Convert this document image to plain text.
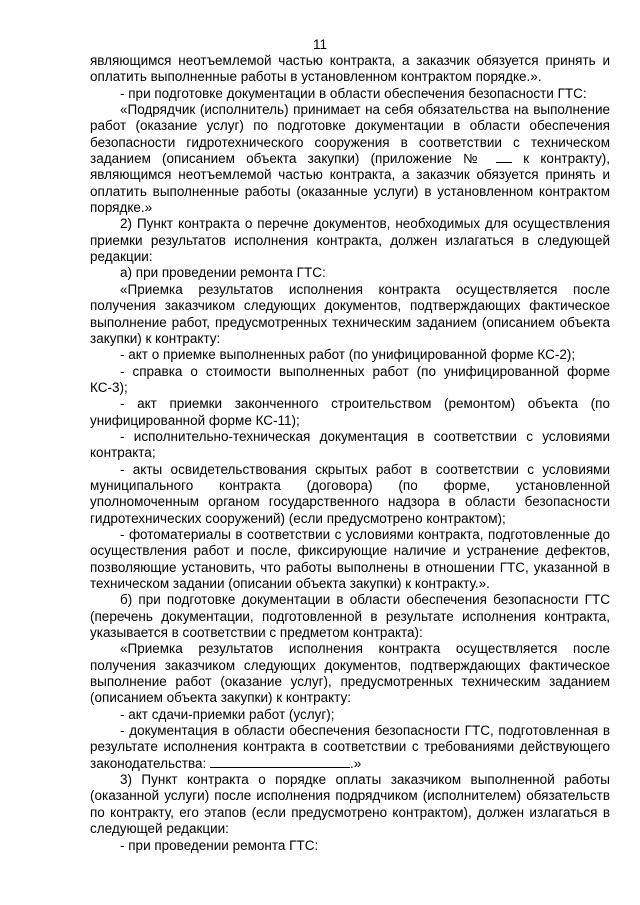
11

являющимся неотъемлемой частью контракта, а заказчик обязуется принять и оплатить выполненные работы в установленном контрактом порядке.».

- при подготовке документации в области обеспечения безопасности ГТС:

«Подрядчик (исполнитель) принимает на себя обязательства на выполнение работ (оказание услуг) по подготовке документации в области обеспечения безопасности гидротехнического сооружения в соответствии с техническом заданием (описанием объекта закупки) (приложение №	к контракту), являющимся неотъемлемой частью контракта, а заказчик обязуется принять и оплатить выполненные работы (оказанные услуги) в установленном контрактом порядке.»

2) Пункт контракта о перечне документов, необходимых для осуществления приемки результатов исполнения контракта, должен излагаться в следующей редакции:

а) при проведении ремонта ГТС:

«Приемка результатов исполнения контракта осуществляется после получения заказчиком следующих документов, подтверждающих фактическое выполнение работ, предусмотренных техническим заданием (описанием объекта закупки) к контракту:

- акт о приемке выполненных работ (по унифицированной форме КС-2);

- справка о стоимости выполненных работ (по унифицированной форме КС-3);

- акт приемки законченного строительством (ремонтом) объекта (по унифицированной форме КС-11);

- исполнительно-техническая документация в соответствии с условиями контракта;

- акты освидетельствования скрытых работ в соответствии с условиями муниципального контракта (договора) (по форме, установленной уполномоченным органом государственного надзора в области безопасности гидротехнических сооружений) (если предусмотрено контрактом);

- фотоматериалы в соответствии с условиями контракта, подготовленные до осуществления работ и после, фиксирующие наличие и устранение дефектов, позволяющие установить, что работы выполнены в отношении ГТС, указанной в техническом задании (описании объекта закупки) к контракту.».

б) при подготовке документации в области обеспечения безопасности ГТС (перечень документации, подготовленной в результате исполнения контракта, указывается в соответствии с предметом контракта):

«Приемка результатов исполнения контракта осуществляется после получения заказчиком следующих документов, подтверждающих фактическое выполнение работ (оказание услуг), предусмотренных техническим заданием (описанием объекта закупки) к контракту:

- акт сдачи-приемки работ (услуг);

- документация в области обеспечения безопасности ГТС, подготовленная в результате исполнения контракта в соответствии с требованиями действующего законодательства:	.»

3) Пункт контракта о порядке оплаты заказчиком выполненной работы (оказанной услуги) после исполнения подрядчиком (исполнителем) обязательств по контракту, его этапов (если предусмотрено контрактом), должен излагаться в следующей редакции:

- при проведении ремонта ГТС:
